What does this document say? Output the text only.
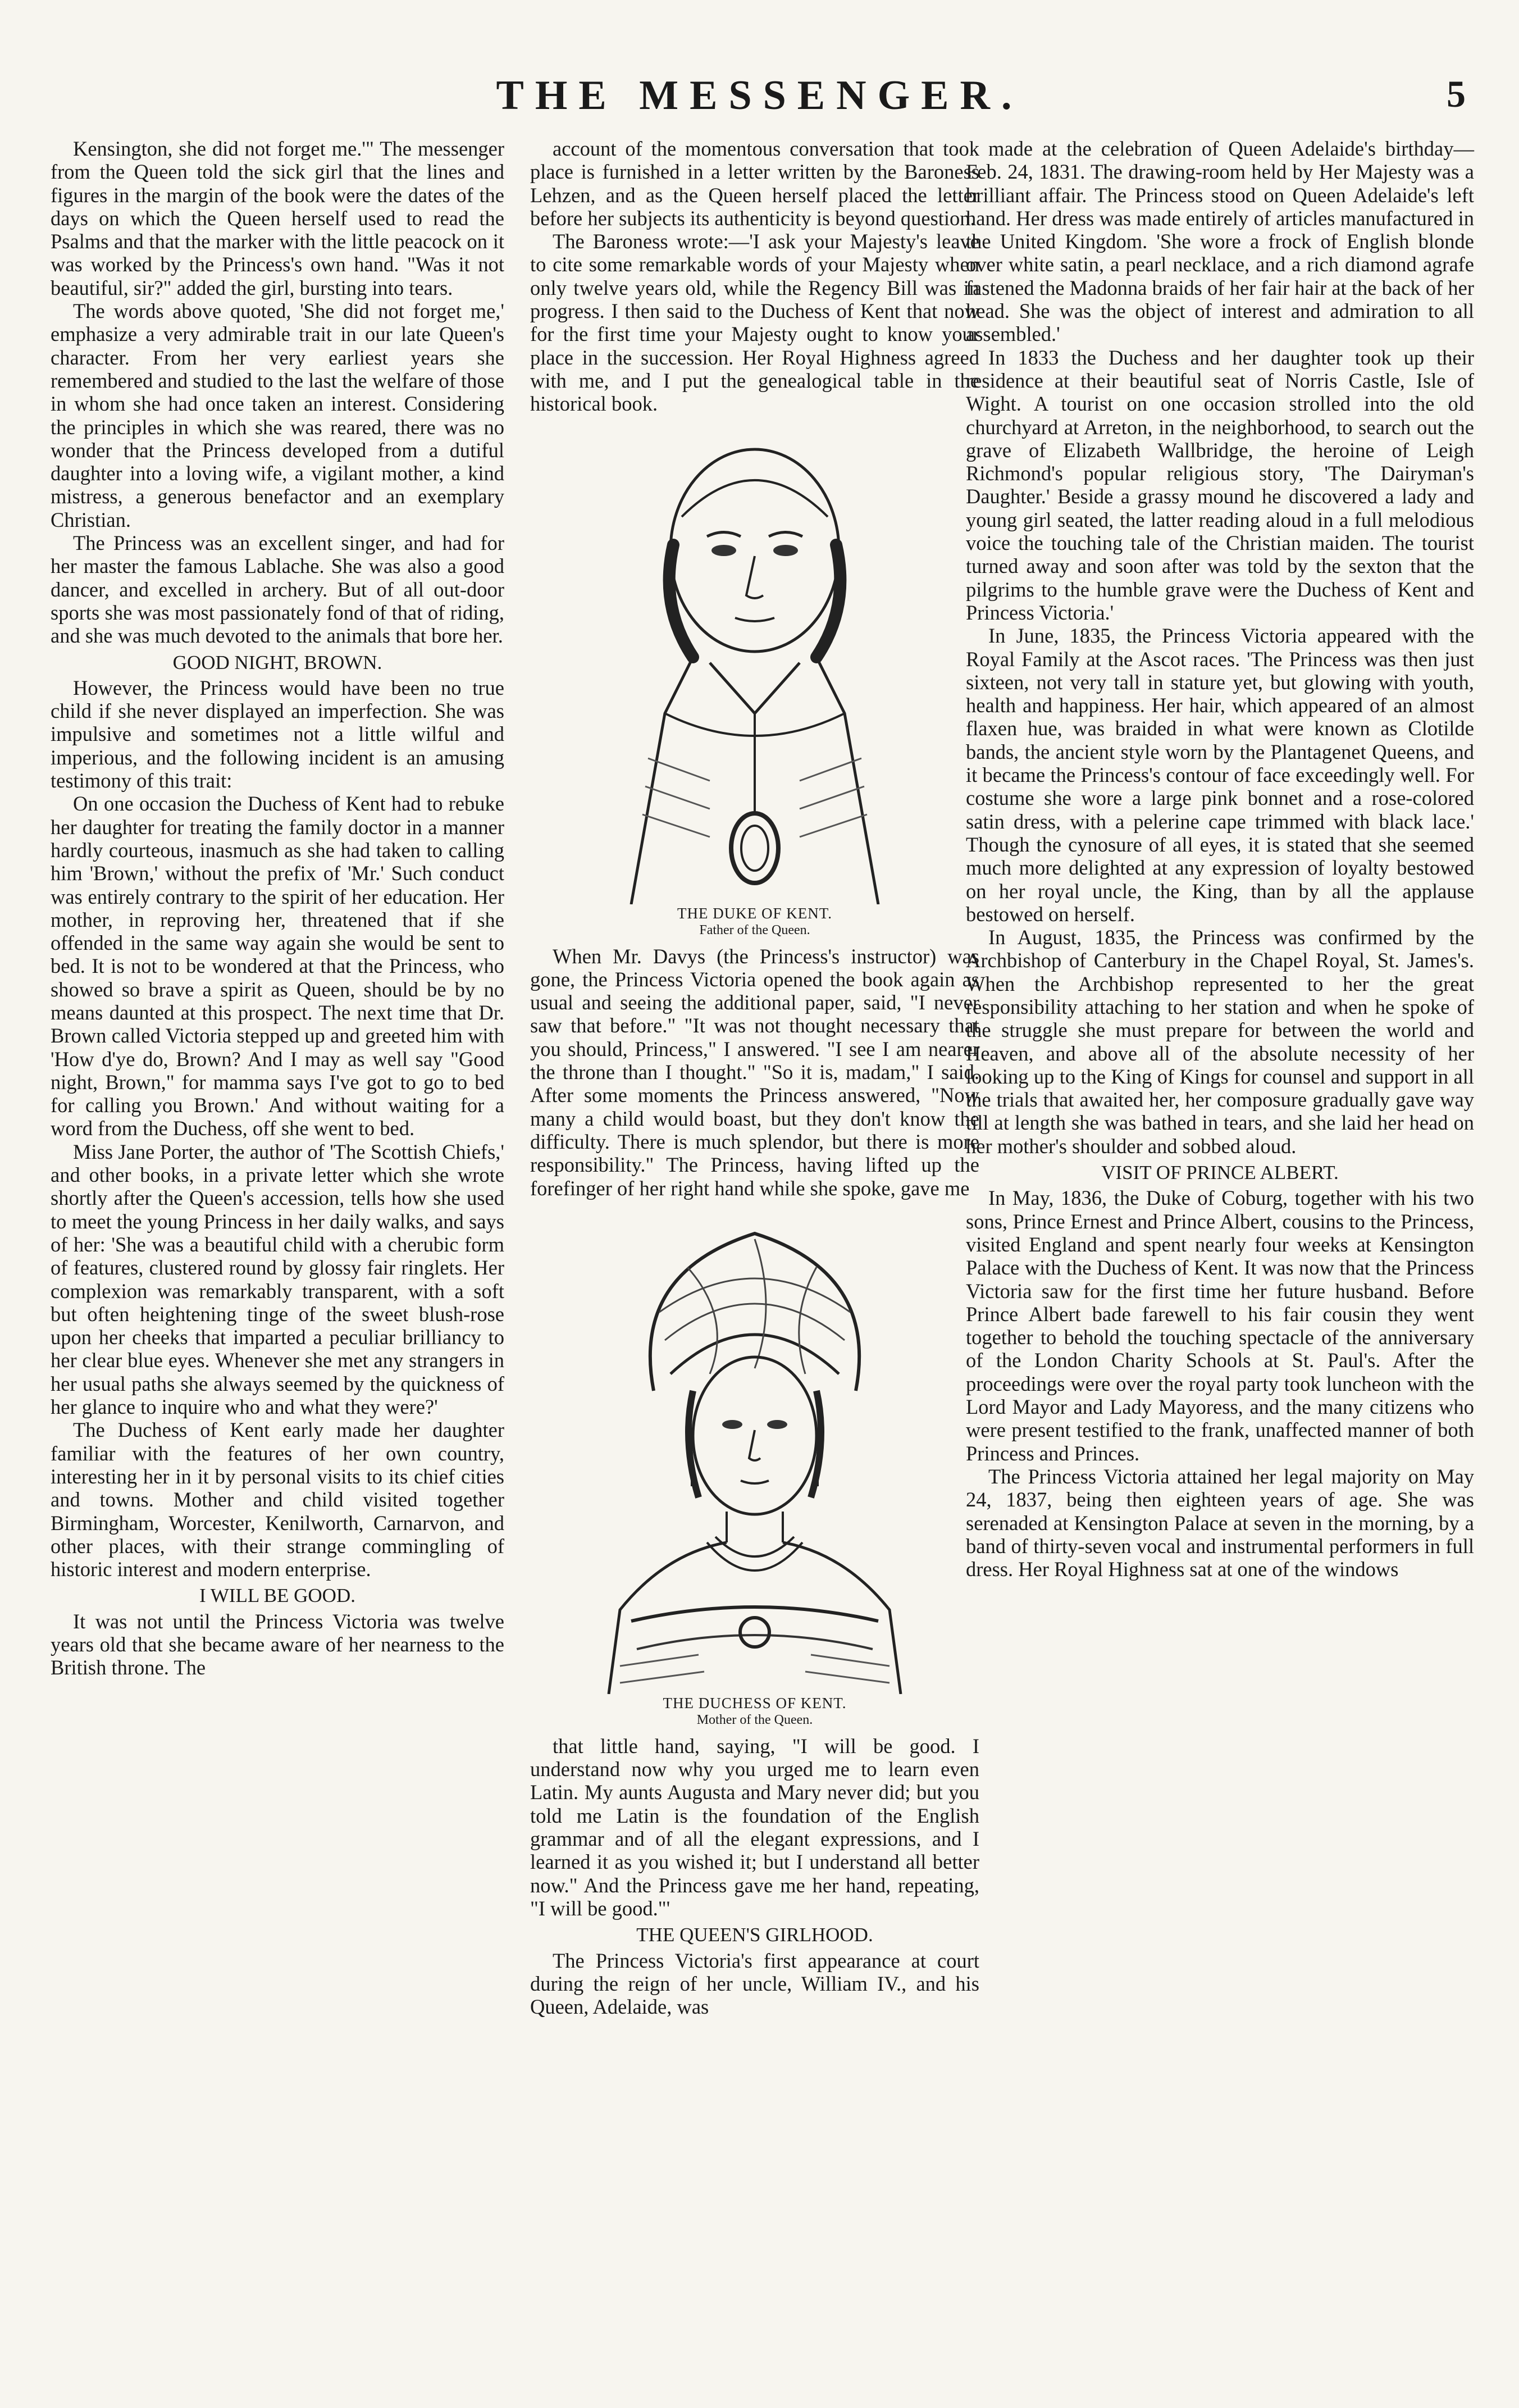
THE MESSENGER.	5

Kensington, she did not forget me.'" The messenger from the Queen told the sick girl that the lines and figures in the margin of the book were the dates of the days on which the Queen herself used to read the Psalms and that the marker with the little peacock on it was worked by the Princess's own hand. "Was it not beautiful, sir?" added the girl, bursting into tears.

The words above quoted, 'She did not forget me,' emphasize a very admirable trait in our late Queen's character. From her very earliest years she remembered and studied to the last the welfare of those in whom she had once taken an interest. Considering the principles in which she was reared, there was no wonder that the Princess developed from a dutiful daughter into a loving wife, a vigilant mother, a kind mistress, a generous benefactor and an exemplary Christian.

The Princess was an excellent singer, and had for her master the famous Lablache. She was also a good dancer, and excelled in archery. But of all out-door sports she was most passionately fond of that of riding, and she was much devoted to the animals that bore her.

GOOD NIGHT, BROWN.

However, the Princess would have been no true child if she never displayed an imperfection. She was impulsive and sometimes not a little wilful and imperious, and the following incident is an amusing testimony of this trait:

On one occasion the Duchess of Kent had to rebuke her daughter for treating the family doctor in a manner hardly courteous, inasmuch as she had taken to calling him 'Brown,' without the prefix of 'Mr.' Such conduct was entirely contrary to the spirit of her education. Her mother, in reproving her, threatened that if she offended in the same way again she would be sent to bed. It is not to be wondered at that the Princess, who showed so brave a spirit as Queen, should be by no means daunted at this prospect. The next time that Dr. Brown called Victoria stepped up and greeted him with 'How d'ye do, Brown? And I may as well say "Good night, Brown," for mamma says I've got to go to bed for calling you Brown.' And without waiting for a word from the Duchess, off she went to bed.

Miss Jane Porter, the author of 'The Scottish Chiefs,' and other books, in a private letter which she wrote shortly after the Queen's accession, tells how she used to meet the young Princess in her daily walks, and says of her: 'She was a beautiful child with a cherubic form of features, clustered round by glossy fair ringlets. Her complexion was remarkably transparent, with a soft but often heightening tinge of the sweet blush-rose upon her cheeks that imparted a peculiar brilliancy to her clear blue eyes. Whenever she met any strangers in her usual paths she always seemed by the quickness of her glance to inquire who and what they were?'

The Duchess of Kent early made her daughter familiar with the features of her own country, interesting her in it by personal visits to its chief cities and towns. Mother and child visited together Birmingham, Worcester, Kenilworth, Carnarvon, and other places, with their strange commingling of historic interest and modern enterprise.

I WILL BE GOOD.

It was not until the Princess Victoria was twelve years old that she became aware of her nearness to the British throne. The

account of the momentous conversation that took place is furnished in a letter written by the Baroness Lehzen, and as the Queen herself placed the letter before her subjects its authenticity is beyond question.

The Baroness wrote:—'I ask your Majesty's leave to cite some remarkable words of your Majesty when only twelve years old, while the Regency Bill was in progress. I then said to the Duchess of Kent that now for the first time your Majesty ought to know your place in the succession. Her Royal Highness agreed with me, and I put the genealogical table in the historical book.

THE DUKE OF KENT.
Father of the Queen.

When Mr. Davys (the Princess's instructor) was gone, the Princess Victoria opened the book again as usual and seeing the additional paper, said, "I never saw that before." "It was not thought necessary that you should, Princess," I answered. "I see I am nearer the throne than I thought." "So it is, madam," I said. After some moments the Princess answered, "Now many a child would boast, but they don't know the difficulty. There is much splendor, but there is more responsibility." The Princess, having lifted up the forefinger of her right hand while she spoke, gave me

THE DUCHESS OF KENT.
Mother of the Queen.

that little hand, saying, "I will be good. I understand now why you urged me to learn even Latin. My aunts Augusta and Mary never did; but you told me Latin is the foundation of the English grammar and of all the elegant expressions, and I learned it as you wished it; but I understand all better now." And the Princess gave me her hand, repeating, "I will be good."'

THE QUEEN'S GIRLHOOD.

The Princess Victoria's first appearance at court during the reign of her uncle, William IV., and his Queen, Adelaide, was

made at the celebration of Queen Adelaide's birthday—Feb. 24, 1831. The drawing-room held by Her Majesty was a brilliant affair. The Princess stood on Queen Adelaide's left hand. Her dress was made entirely of articles manufactured in the United Kingdom. 'She wore a frock of English blonde over white satin, a pearl necklace, and a rich diamond agrafe fastened the Madonna braids of her fair hair at the back of her head. She was the object of interest and admiration to all assembled.'

In 1833 the Duchess and her daughter took up their residence at their beautiful seat of Norris Castle, Isle of Wight. A tourist on one occasion strolled into the old churchyard at Arreton, in the neighborhood, to search out the grave of Elizabeth Wallbridge, the heroine of Leigh Richmond's popular religious story, 'The Dairyman's Daughter.' Beside a grassy mound he discovered a lady and young girl seated, the latter reading aloud in a full melodious voice the touching tale of the Christian maiden. The tourist turned away and soon after was told by the sexton that the pilgrims to the humble grave were the Duchess of Kent and Princess Victoria.'

In June, 1835, the Princess Victoria appeared with the Royal Family at the Ascot races. 'The Princess was then just sixteen, not very tall in stature yet, but glowing with youth, health and happiness. Her hair, which appeared of an almost flaxen hue, was braided in what were known as Clotilde bands, the ancient style worn by the Plantagenet Queens, and it became the Princess's contour of face exceedingly well. For costume she wore a large pink bonnet and a rose-colored satin dress, with a pelerine cape trimmed with black lace.' Though the cynosure of all eyes, it is stated that she seemed much more delighted at any expression of loyalty bestowed on her royal uncle, the King, than by all the applause bestowed on herself.

In August, 1835, the Princess was confirmed by the Archbishop of Canterbury in the Chapel Royal, St. James's. When the Archbishop represented to her the great responsibility attaching to her station and when he spoke of the struggle she must prepare for between the world and Heaven, and above all of the absolute necessity of her looking up to the King of Kings for counsel and support in all the trials that awaited her, her composure gradually gave way till at length she was bathed in tears, and she laid her head on her mother's shoulder and sobbed aloud.

VISIT OF PRINCE ALBERT.

In May, 1836, the Duke of Coburg, together with his two sons, Prince Ernest and Prince Albert, cousins to the Princess, visited England and spent nearly four weeks at Kensington Palace with the Duchess of Kent. It was now that the Princess Victoria saw for the first time her future husband. Before Prince Albert bade farewell to his fair cousin they went together to behold the touching spectacle of the anniversary of the London Charity Schools at St. Paul's. After the proceedings were over the royal party took luncheon with the Lord Mayor and Lady Mayoress, and the many citizens who were present testified to the frank, unaffected manner of both Princess and Princes.

The Princess Victoria attained her legal majority on May 24, 1837, being then eighteen years of age. She was serenaded at Kensington Palace at seven in the morning, by a band of thirty-seven vocal and instrumental performers in full dress. Her Royal Highness sat at one of the windows
